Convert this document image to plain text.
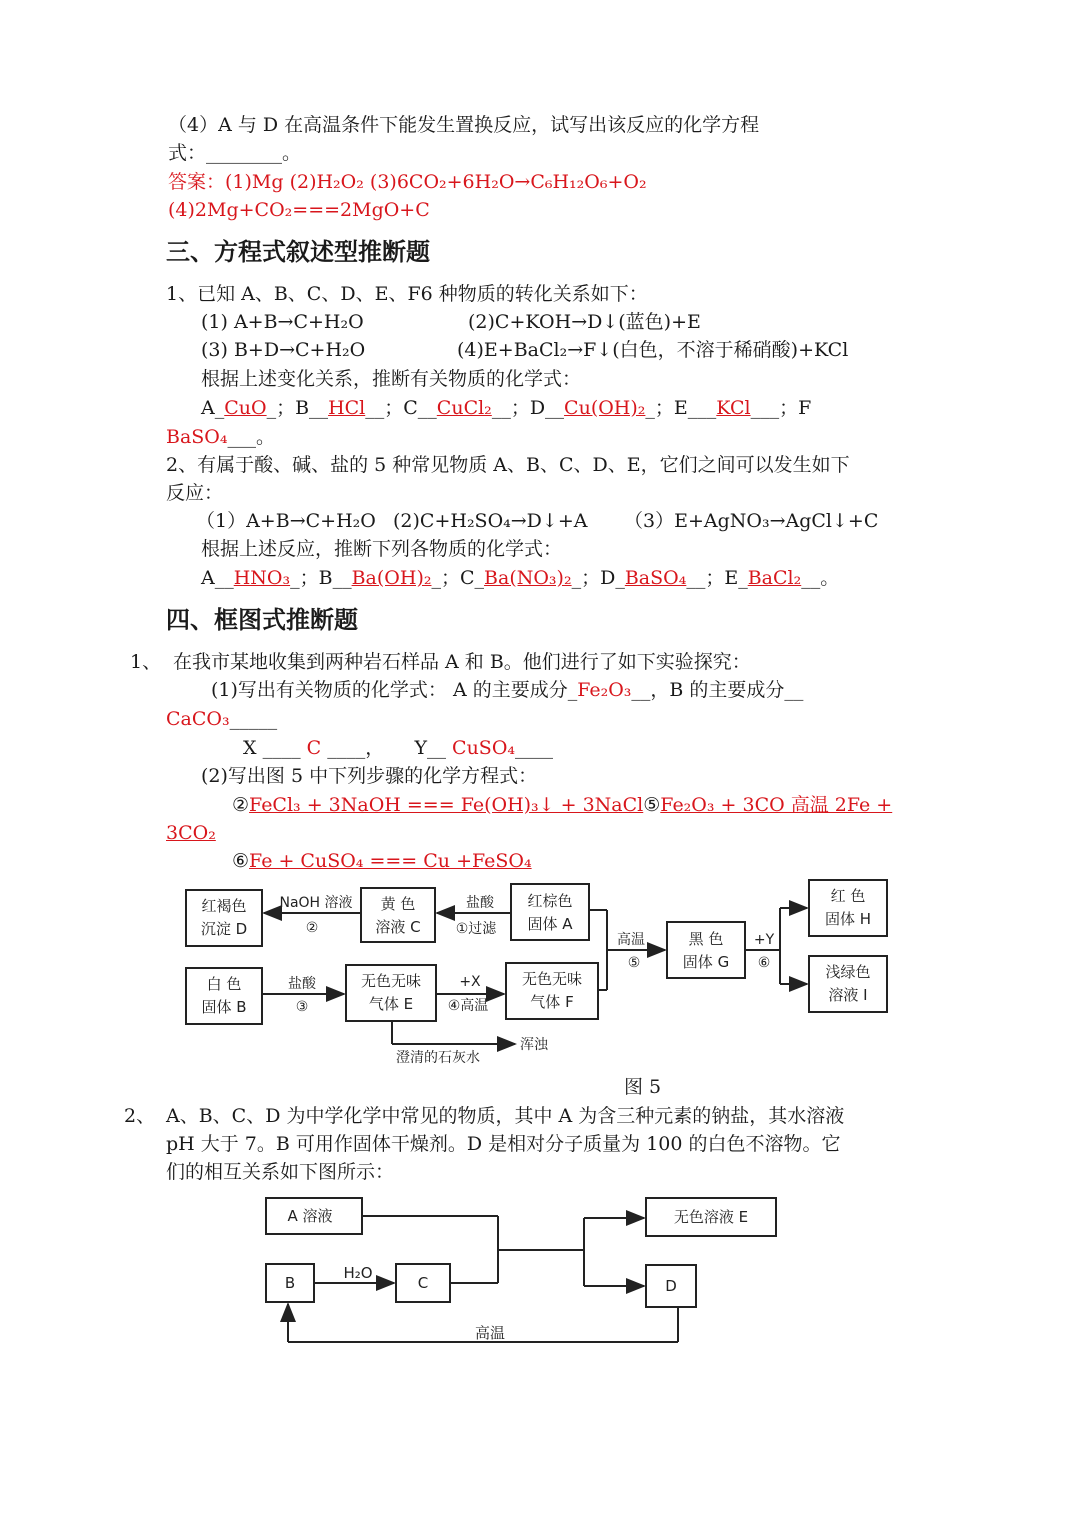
（4）A 与 D 在高温条件下能发生置换反应，试写出该反应的化学方程
式：________。
答案：(1)Mg (2)H₂O₂ (3)6CO₂+6H₂O→C₆H₁₂O₆+O₂
(4)2Mg+CO₂===2MgO+C
三、方程式叙述型推断题
1、已知 A、B、C、D、E、F6 种物质的转化关系如下：
(1) A+B→C+H₂O	(2)C+KOH→D↓(蓝色)+E
(3) B+D→C+H₂O	(4)E+BaCl₂→F↓(白色，不溶于稀硝酸)+KCl
根据上述变化关系，推断有关物质的化学式：
A_CuO_；B__HCl__；C__CuCl₂__；D__Cu(OH)₂_；E___KCl___；F
BaSO₄___。
2、有属于酸、碱、盐的 5 种常见物质 A、B、C、D、E，它们之间可以发生如下
反应：
（1）A+B→C+H₂O (2)C+H₂SO₄→D↓+A （3）E+AgNO₃→AgCl↓+C
根据上述反应，推断下列各物质的化学式：
A__HNO₃_；B__Ba(OH)₂_；C_Ba(NO₃)₂_；D_BaSO₄__；E_BaCl₂__。
四、框图式推断题
1、 在我市某地收集到两种岩石样品 A 和 B。他们进行了如下实验探究：
(1)写出有关物质的化学式： A 的主要成分_Fe₂O₃__，B 的主要成分__
CaCO₃_____
X ____ C ____， Y__ CuSO₄____
(2)写出图 5 中下列步骤的化学方程式：
②FeCl₃ + 3NaOH === Fe(OH)₃↓ + 3NaCl⑤Fe₂O₃ + 3CO 高温 2Fe +
3CO₂
⑥Fe + CuSO₄ === Cu +FeSO₄
红褐色
沉淀 D
黄 色
溶液 C
红棕色
固体 A
白 色
固体 B
无色无味
气体 E
无色无味
气体 F
黑 色
固体 G
红 色
固体 H
浅绿色
溶液 I
NaOH 溶液
②
盐酸
①过滤
盐酸
③
+X
④高温
高温
⑤
+Y
⑥
澄清的石灰水
浑浊
图 5
2、 A、B、C、D 为中学化学中常见的物质，其中 A 为含三种元素的钠盐，其水溶液
pH 大于 7。B 可用作固体干燥剂。D 是相对分子质量为 100 的白色不溶物。它
们的相互关系如下图所示：
A 溶液
B	C
无色溶液 E
D
H₂O
高温
